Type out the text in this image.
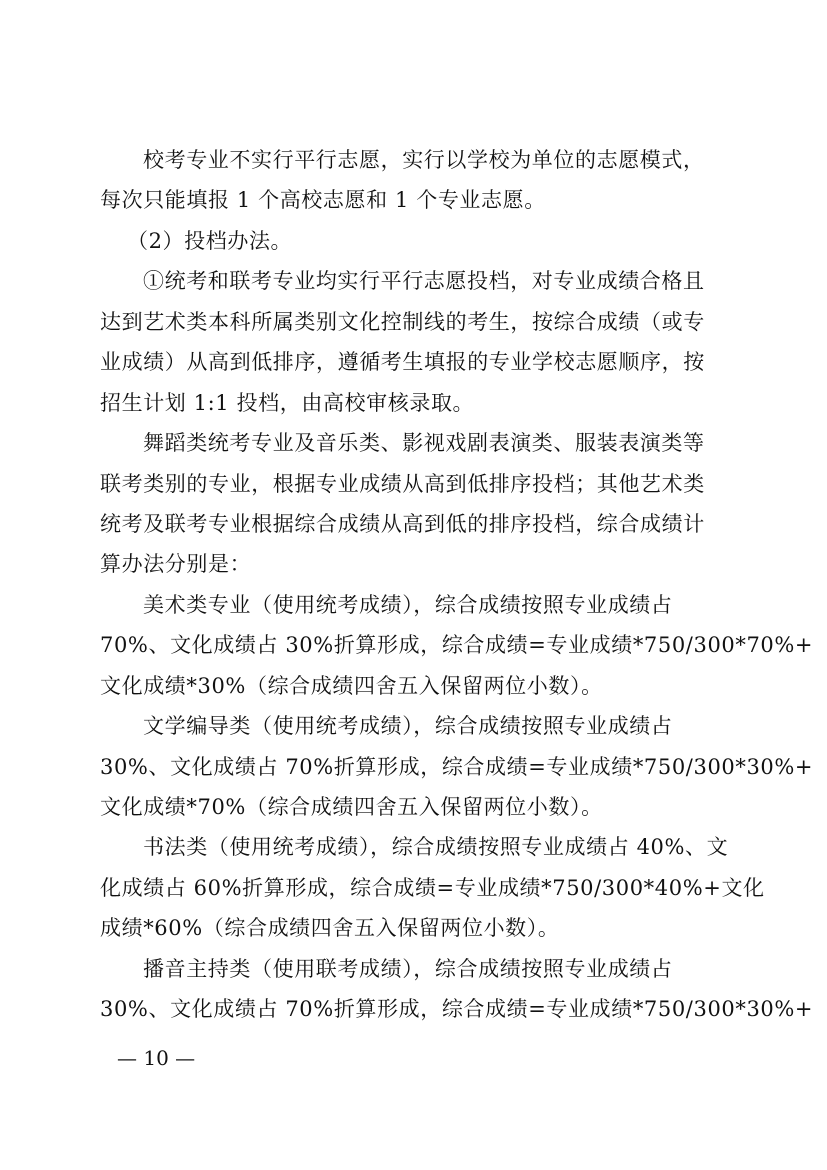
校考专业不实行平行志愿，实行以学校为单位的志愿模式，
每次只能填报 1 个高校志愿和 1 个专业志愿。
（2）投档办法。
①统考和联考专业均实行平行志愿投档，对专业成绩合格且
达到艺术类本科所属类别文化控制线的考生，按综合成绩（或专
业成绩）从高到低排序，遵循考生填报的专业学校志愿顺序，按
招生计划 1:1 投档，由高校审核录取。
舞蹈类统考专业及音乐类、影视戏剧表演类、服装表演类等
联考类别的专业，根据专业成绩从高到低排序投档；其他艺术类
统考及联考专业根据综合成绩从高到低的排序投档，综合成绩计
算办法分别是：
美术类专业（使用统考成绩），综合成绩按照专业成绩占
70%、文化成绩占 30%折算形成，综合成绩=专业成绩*750/300*70%+
文化成绩*30%（综合成绩四舍五入保留两位小数）。
文学编导类（使用统考成绩），综合成绩按照专业成绩占
30%、文化成绩占 70%折算形成，综合成绩=专业成绩*750/300*30%+
文化成绩*70%（综合成绩四舍五入保留两位小数）。
书法类（使用统考成绩），综合成绩按照专业成绩占 40%、文
化成绩占 60%折算形成，综合成绩=专业成绩*750/300*40%+文化
成绩*60%（综合成绩四舍五入保留两位小数）。
播音主持类（使用联考成绩），综合成绩按照专业成绩占
30%、文化成绩占 70%折算形成，综合成绩=专业成绩*750/300*30%+
— 10 —
